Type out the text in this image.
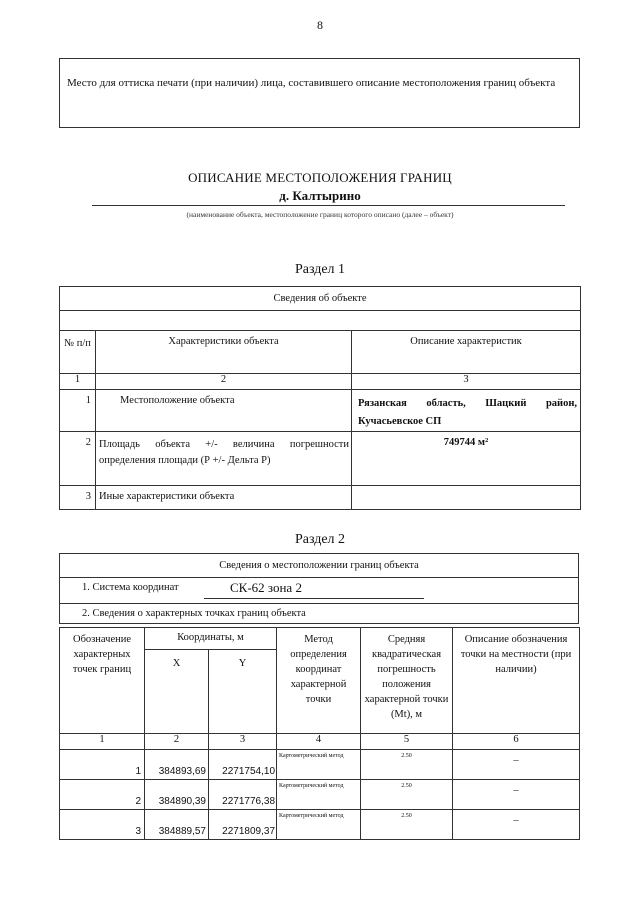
8
Место для оттиска печати (при наличии) лица, составившего описание местоположения границ объекта
ОПИСАНИЕ МЕСТОПОЛОЖЕНИЯ ГРАНИЦ
д. Калтырино
(наименование объекта, местоположение границ которого описано (далее – объект)
Раздел 1
Сведения об объекте		

№ п/п	Характеристики объекта	Описание характеристик
1	2	3
1	Местоположение объекта	Рязанская область, Шацкий район, Кучасьевское СП
2	Площадь объекта +/- величина погрешности определения площади (Р +/- Дельта Р)	749744 м²
3	Иные характеристики объекта	
Раздел 2
Сведения о местоположении границ объекта
1. Система координат	СК-62 зона 2

2. Сведения о характерных точках границ объекта
Обозначение характерных точек границ	Координаты, м		Метод определения координат характерной точки	Средняя квадратическая погрешность положения характерной точки (Mt), м	Описание обозначения точки на местности (при наличии)
	X	Y			
1	2	3	4	5	6
1	384893,69	2271754,10	Картометрический метод	2.50	–
2	384890,39	2271776,38	Картометрический метод	2.50	–
3	384889,57	2271809,37	Картометрический метод	2.50	–
